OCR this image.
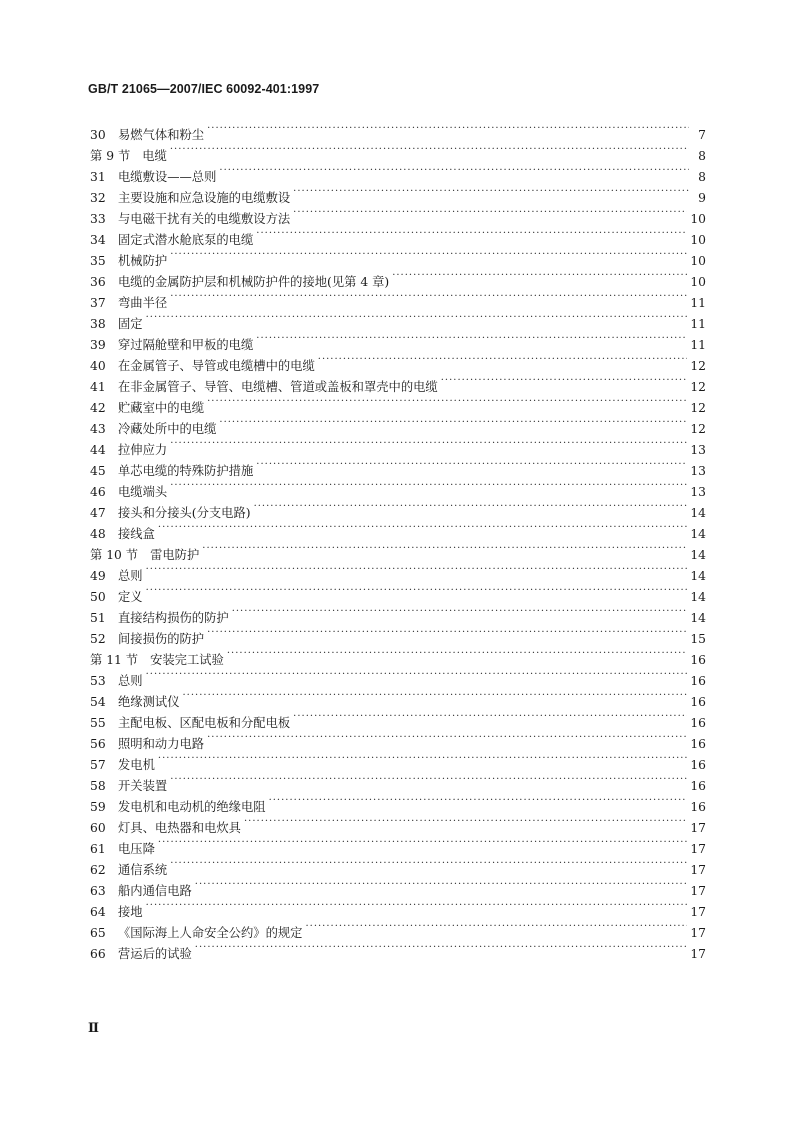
GB/T 21065—2007/IEC 60092-401:1997
30	易燃气体和粉尘 ·····	7
第 9 节 电缆 ·····	8
31	电缆敷设——总则 ·····	8
32	主要设施和应急设施的电缆敷设 ·····	9
33	与电磁干扰有关的电缆敷设方法 ·····	10
34	固定式潜水舱底泵的电缆 ·····	10
35	机械防护 ·····	10
36	电缆的金属防护层和机械防护件的接地(见第 4 章) ·····	10
37	弯曲半径 ·····	11
38	固定 ·····	11
39	穿过隔舱壁和甲板的电缆 ·····	11
40	在金属管子、导管或电缆槽中的电缆 ·····	12
41	在非金属管子、导管、电缆槽、管道或盖板和罩壳中的电缆 ·····	12
42	贮藏室中的电缆 ·····	12
43	冷藏处所中的电缆 ·····	12
44	拉伸应力 ·····	13
45	单芯电缆的特殊防护措施 ·····	13
46	电缆端头 ·····	13
47	接头和分接头(分支电路) ·····	14
48	接线盒 ·····	14
第 10 节 雷电防护 ·····	14
49	总则 ·····	14
50	定义 ·····	14
51	直接结构损伤的防护 ·····	14
52	间接损伤的防护 ·····	15
第 11 节 安装完工试验 ·····	16
53	总则 ·····	16
54	绝缘测试仪 ·····	16
55	主配电板、区配电板和分配电板 ·····	16
56	照明和动力电路 ·····	16
57	发电机 ·····	16
58	开关装置 ·····	16
59	发电机和电动机的绝缘电阻 ·····	16
60	灯具、电热器和电炊具 ·····	17
61	电压降 ·····	17
62	通信系统 ·····	17
63	船内通信电路 ·····	17
64	接地 ·····	17
65	《国际海上人命安全公约》的规定 ·····	17
66	营运后的试验 ·····	17
Ⅱ
